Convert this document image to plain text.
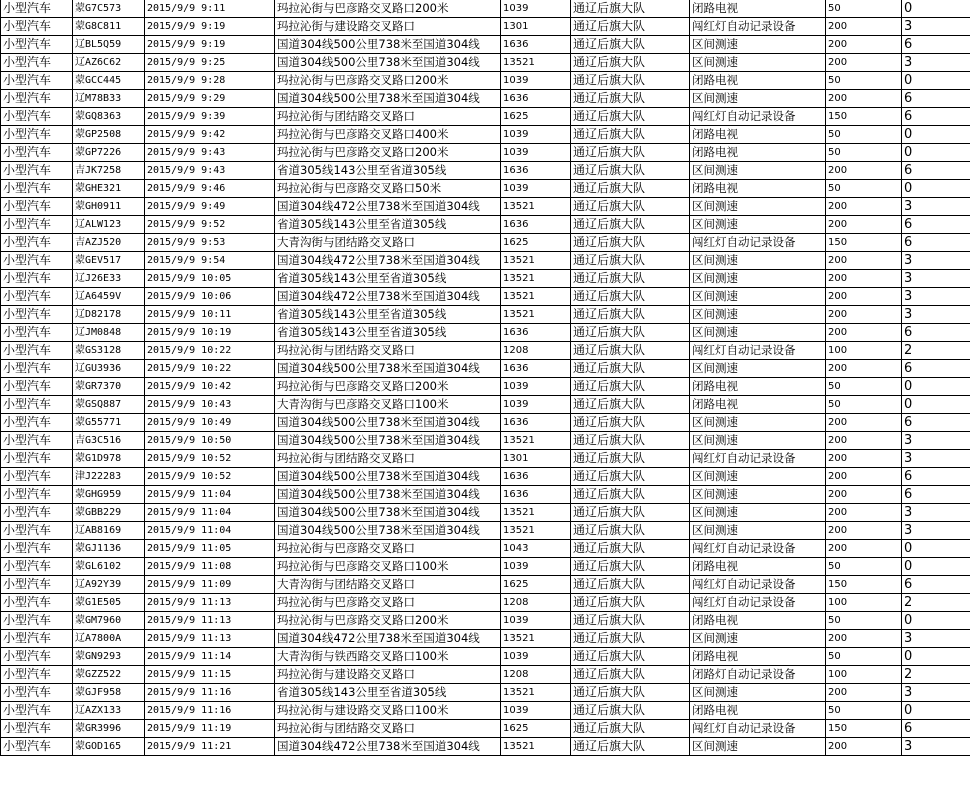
小型汽车	蒙G7C573	2015/9/9 9:11	玛拉沁街与巴彦路交叉路口200米	1039	通辽后旗大队	闭路电视	50	0
小型汽车	蒙G8C811	2015/9/9 9:19	玛拉沁街与建设路交叉路口	1301	通辽后旗大队	闯红灯自动记录设备	200	3
小型汽车	辽BL5Q59	2015/9/9 9:19	国道304线500公里738米至国道304线	1636	通辽后旗大队	区间测速	200	6
小型汽车	辽AZ6C62	2015/9/9 9:25	国道304线500公里738米至国道304线	13521	通辽后旗大队	区间测速	200	3
小型汽车	蒙GCC445	2015/9/9 9:28	玛拉沁街与巴彦路交叉路口200米	1039	通辽后旗大队	闭路电视	50	0
小型汽车	辽M78B33	2015/9/9 9:29	国道304线500公里738米至国道304线	1636	通辽后旗大队	区间测速	200	6
小型汽车	蒙GQ8363	2015/9/9 9:39	玛拉沁街与团结路交叉路口	1625	通辽后旗大队	闯红灯自动记录设备	150	6
小型汽车	蒙GP2508	2015/9/9 9:42	玛拉沁街与巴彦路交叉路口400米	1039	通辽后旗大队	闭路电视	50	0
小型汽车	蒙GP7226	2015/9/9 9:43	玛拉沁街与巴彦路交叉路口200米	1039	通辽后旗大队	闭路电视	50	0
小型汽车	吉JK7258	2015/9/9 9:43	省道305线143公里至省道305线	1636	通辽后旗大队	区间测速	200	6
小型汽车	蒙GHE321	2015/9/9 9:46	玛拉沁街与巴彦路交叉路口50米	1039	通辽后旗大队	闭路电视	50	0
小型汽车	蒙GH0911	2015/9/9 9:49	国道304线472公里738米至国道304线	13521	通辽后旗大队	区间测速	200	3
小型汽车	辽ALW123	2015/9/9 9:52	省道305线143公里至省道305线	1636	通辽后旗大队	区间测速	200	6
小型汽车	吉AZJ520	2015/9/9 9:53	大青沟街与团结路交叉路口	1625	通辽后旗大队	闯红灯自动记录设备	150	6
小型汽车	蒙GEV517	2015/9/9 9:54	国道304线472公里738米至国道304线	13521	通辽后旗大队	区间测速	200	3
小型汽车	辽J26E33	2015/9/9 10:05	省道305线143公里至省道305线	13521	通辽后旗大队	区间测速	200	3
小型汽车	辽A6459V	2015/9/9 10:06	国道304线472公里738米至国道304线	13521	通辽后旗大队	区间测速	200	3
小型汽车	辽D82178	2015/9/9 10:11	省道305线143公里至省道305线	13521	通辽后旗大队	区间测速	200	3
小型汽车	辽JM0848	2015/9/9 10:19	省道305线143公里至省道305线	1636	通辽后旗大队	区间测速	200	6
小型汽车	蒙GS3128	2015/9/9 10:22	玛拉沁街与团结路交叉路口	1208	通辽后旗大队	闯红灯自动记录设备	100	2
小型汽车	辽GU3936	2015/9/9 10:22	国道304线500公里738米至国道304线	1636	通辽后旗大队	区间测速	200	6
小型汽车	蒙GR7370	2015/9/9 10:42	玛拉沁街与巴彦路交叉路口200米	1039	通辽后旗大队	闭路电视	50	0
小型汽车	蒙GSQ887	2015/9/9 10:43	大青沟街与巴彦路交叉路口100米	1039	通辽后旗大队	闭路电视	50	0
小型汽车	蒙G55771	2015/9/9 10:49	国道304线500公里738米至国道304线	1636	通辽后旗大队	区间测速	200	6
小型汽车	吉G3C516	2015/9/9 10:50	国道304线500公里738米至国道304线	13521	通辽后旗大队	区间测速	200	3
小型汽车	蒙G1D978	2015/9/9 10:52	玛拉沁街与团结路交叉路口	1301	通辽后旗大队	闯红灯自动记录设备	200	3
小型汽车	津J22283	2015/9/9 10:52	国道304线500公里738米至国道304线	1636	通辽后旗大队	区间测速	200	6
小型汽车	蒙GHG959	2015/9/9 11:04	国道304线500公里738米至国道304线	1636	通辽后旗大队	区间测速	200	6
小型汽车	蒙GBB229	2015/9/9 11:04	国道304线500公里738米至国道304线	13521	通辽后旗大队	区间测速	200	3
小型汽车	辽AB8169	2015/9/9 11:04	国道304线500公里738米至国道304线	13521	通辽后旗大队	区间测速	200	3
小型汽车	蒙GJ1136	2015/9/9 11:05	玛拉沁街与巴彦路交叉路口	1043	通辽后旗大队	闯红灯自动记录设备	200	0
小型汽车	蒙GL6102	2015/9/9 11:08	玛拉沁街与巴彦路交叉路口100米	1039	通辽后旗大队	闭路电视	50	0
小型汽车	辽A92Y39	2015/9/9 11:09	大青沟街与团结路交叉路口	1625	通辽后旗大队	闯红灯自动记录设备	150	6
小型汽车	蒙G1E505	2015/9/9 11:13	玛拉沁街与巴彦路交叉路口	1208	通辽后旗大队	闯红灯自动记录设备	100	2
小型汽车	蒙GM7960	2015/9/9 11:13	玛拉沁街与巴彦路交叉路口200米	1039	通辽后旗大队	闭路电视	50	0
小型汽车	辽A7800A	2015/9/9 11:13	国道304线472公里738米至国道304线	13521	通辽后旗大队	区间测速	200	3
小型汽车	蒙GN9293	2015/9/9 11:14	大青沟街与铁西路交叉路口100米	1039	通辽后旗大队	闭路电视	50	0
小型汽车	蒙GZZ522	2015/9/9 11:15	玛拉沁街与建设路交叉路口	1208	通辽后旗大队	闭路灯自动记录设备	100	2
小型汽车	蒙GJF958	2015/9/9 11:16	省道305线143公里至省道305线	13521	通辽后旗大队	区间测速	200	3
小型汽车	辽AZX133	2015/9/9 11:16	玛拉沁街与建设路交叉路口100米	1039	通辽后旗大队	闭路电视	50	0
小型汽车	蒙GR3996	2015/9/9 11:19	玛拉沁街与团结路交叉路口	1625	通辽后旗大队	闯红灯自动记录设备	150	6
小型汽车	蒙GOD165	2015/9/9 11:21	国道304线472公里738米至国道304线	13521	通辽后旗大队	区间测速	200	3
